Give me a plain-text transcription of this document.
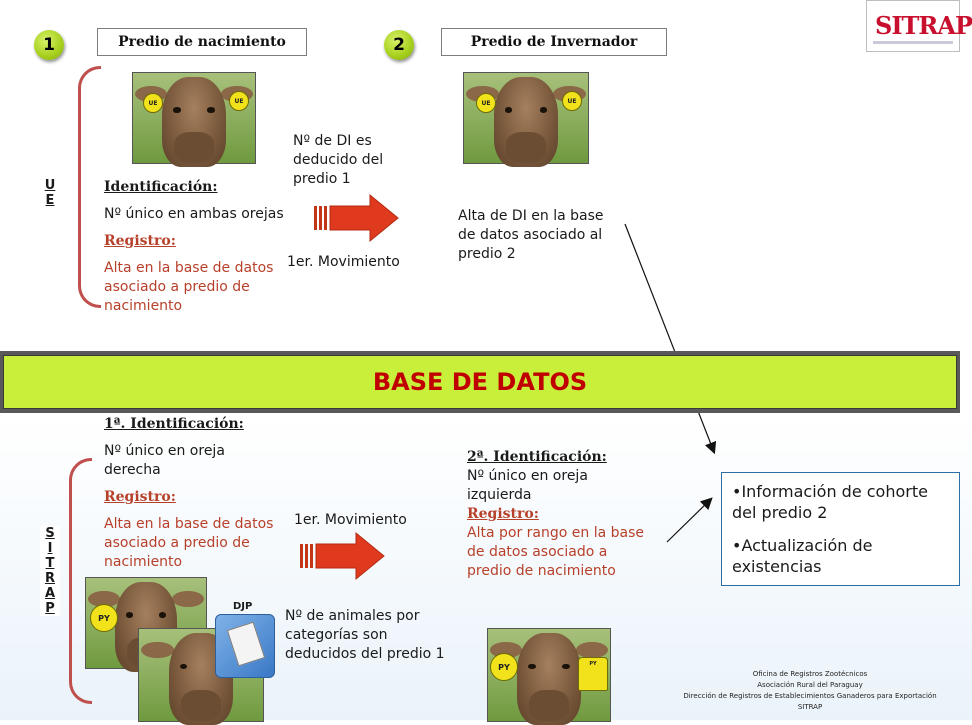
SITRAP
1	Predio de nacimiento	2	Predio de Invernador
U
E
S
I
T
R
A
P
UE	UE	UE	UE

Identificación:

Nº único en ambas orejas

Registro:

Alta en la base de datos asociado a predio de nacimiento

Nº de DI es deducido del predio 1
1er. Movimiento
Alta de DI en la base de datos asociado al predio 2
BASE DE DATOS

1ª. Identificación:

Nº único en oreja derecha

Registro:

Alta en la base de datos asociado a predio de nacimiento

1er. Movimiento
PY
DJP
Nº de animales por categorías son deducidos del predio 1
2ª. Identificación:
Nº único en oreja izquierda
Registro:
Alta por rango en la base de datos asociado a predio de nacimiento
PY	PY
•Información de cohorte del predio 2
•Actualización de existencias
Oficina de Registros Zootécnicos
Asociación Rural del Paraguay
Dirección de Registros de Establecimientos Ganaderos para Exportación
SITRAP
